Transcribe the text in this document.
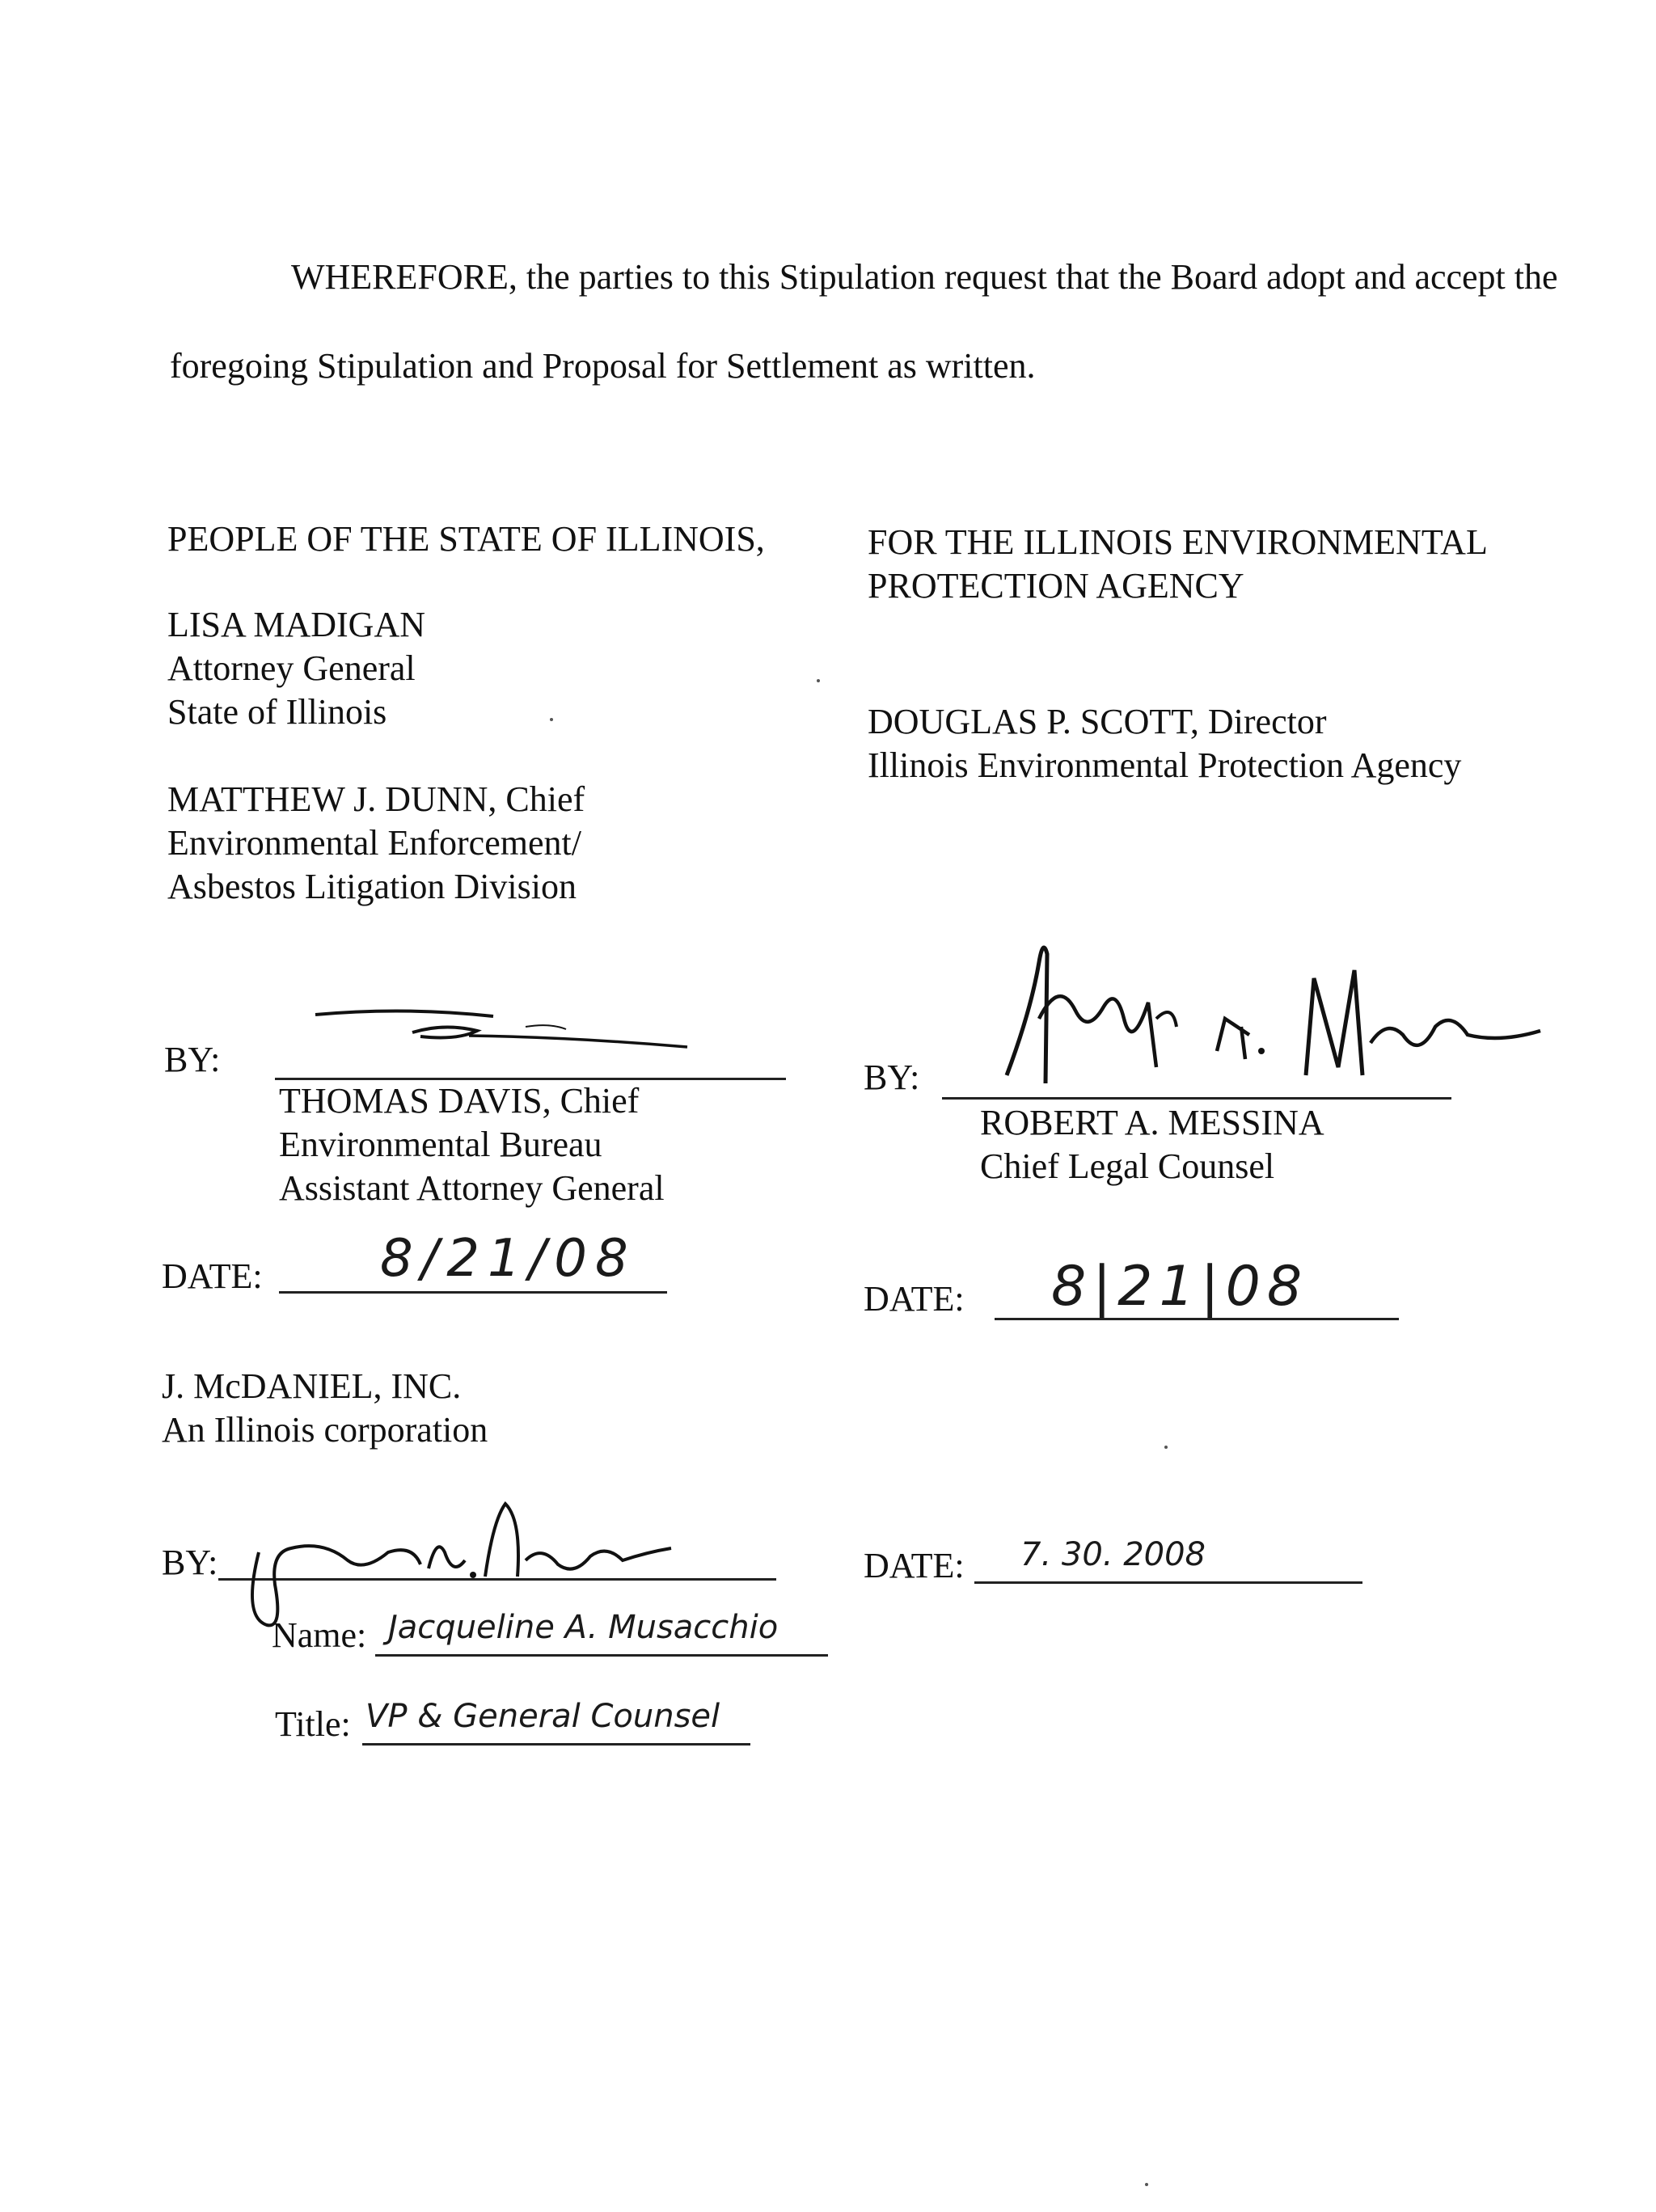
WHEREFORE, the parties to this Stipulation request that the Board adopt and accept the
foregoing Stipulation and Proposal for Settlement as written.
PEOPLE OF THE STATE OF ILLINOIS,
LISA MADIGAN
Attorney General
State of Illinois
MATTHEW J. DUNN, Chief
Environmental Enforcement/
Asbestos Litigation Division
BY:
THOMAS DAVIS, Chief
Environmental Bureau
Assistant Attorney General
DATE: 8/21/08
FOR THE ILLINOIS ENVIRONMENTAL
PROTECTION AGENCY
DOUGLAS P. SCOTT, Director
Illinois Environmental Protection Agency
BY:
ROBERT A. MESSINA
Chief Legal Counsel
DATE: 8|21|08
J. McDANIEL, INC.
An Illinois corporation
BY:
Name: Jacqueline A. Musacchio
Title: VP & General Counsel
DATE: 7. 30. 2008
